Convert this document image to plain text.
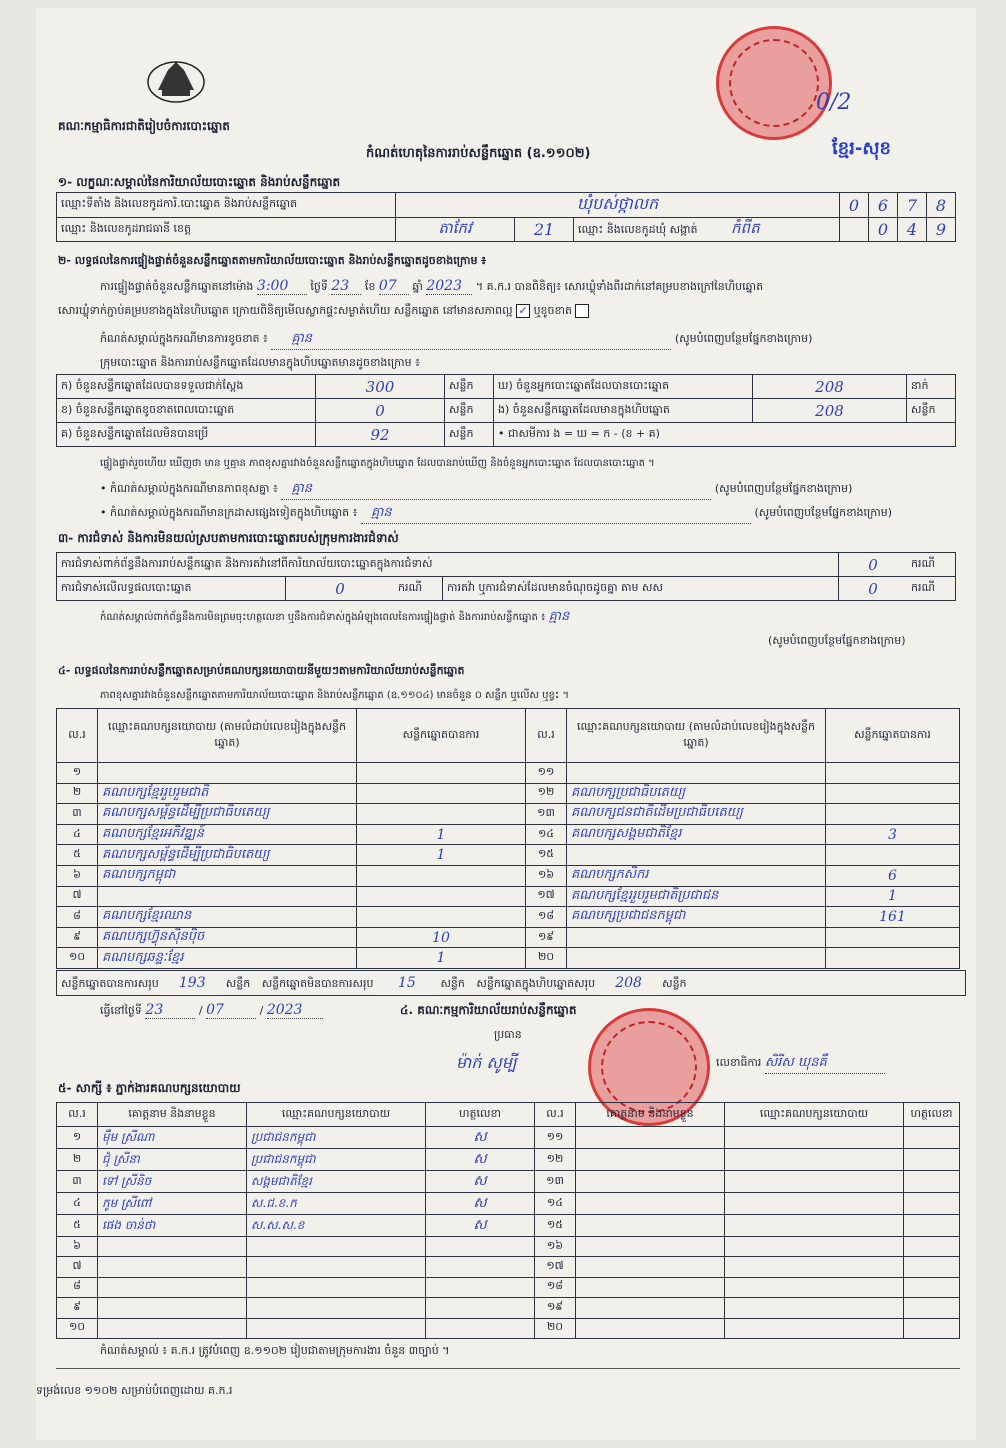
គណៈកម្មាធិការជាតិរៀបចំការបោះឆ្នោត
កំណត់ហេតុនៃការរាប់សន្លឹកឆ្នោត (ឧ.១១០២)
0/2
ខ្មែរ-សុខ
១- លក្ខណៈសម្គាល់នៃការិយាល័យបោះឆ្នោត និងរាប់សន្លឹកឆ្នោត
ឈ្មោះទីតាំង និងលេខកូដការិ.បោះឆ្នោត និងរាប់សន្លឹកឆ្នោត	ឃុំបស់ថ្កាលក			0	6	7	8
ឈ្មោះ និងលេខកូដរាជធានី ខេត្ត	តាកែវ	21	ឈ្មោះ និងលេខកូដឃុំ សង្កាត់ កំពីត		0	4	9
២- លទ្ធផលនៃការផ្ទៀងផ្ទាត់ចំនួនសន្លឹកឆ្នោតតាមការិយាល័យបោះឆ្នោត និងរាប់សន្លឹកឆ្នោតដូចខាងក្រោម ៖
ការផ្ទៀងផ្ទាត់ចំនួនសន្លឹកឆ្នោតនៅម៉ោង 3:00 ថ្ងៃទី 23 ខែ 07 ឆ្នាំ 2023 ។ គ.ក.រ បានពិនិត្យ៖ សោរឃ្លុំទាំងពីរដាក់នៅគម្របខាងក្រៅនៃហិបឆ្នោត
សោរឃ្លុំទាក់ភ្ជាប់គម្របខាងក្នុងនៃហិបឆ្នោត ក្រោយពិនិត្យមើលស្លាកផ្ទះសម្ងាត់ហើយ សន្លឹកឆ្នោត នៅមានសភាពល្អ ✓ ឬខូចខាត
កំណត់សម្គាល់ក្នុងករណីមានការខូចខាត ៖ គ្មាន	(សូមបំពេញបន្ថែមផ្នែកខាងក្រោម)
ក្រុមបោះឆ្នោត និងការរាប់សន្លឹកឆ្នោតដែលមានក្នុងហិបឆ្នោតមានដូចខាងក្រោម ៖
ក) ចំនួនសន្លឹកឆ្នោតដែលបានទទួលជាក់ស្តែង	300	សន្លឹក	ឃ) ចំនួនអ្នកបោះឆ្នោតដែលបានបោះឆ្នោត	208	នាក់
ខ) ចំនួនសន្លឹកឆ្នោតខូចខាតពេលបោះឆ្នោត	0	សន្លឹក	ង) ចំនួនសន្លឹកឆ្នោតដែលមានក្នុងហិបឆ្នោត	208	សន្លឹក
គ) ចំនួនសន្លឹកឆ្នោតដែលមិនបានប្រើ	92	សន្លឹក	• ជាសមីការ ង = ឃ = ក - (ខ + គ)		
ផ្ទៀងផ្ទាត់រួចហើយ ឃើញថា មាន ឬគ្មាន ភាពខុសគ្នារវាងចំនួនសន្លឹកឆ្នោតក្នុងហិបឆ្នោត ដែលបានរាប់ឃើញ និងចំនួនអ្នកបោះឆ្នោត ដែលបានបោះឆ្នោត ។
• កំណត់សម្គាល់ក្នុងករណីមានភាពខុសគ្នា ៖ គ្មាន	(សូមបំពេញបន្ថែមផ្នែកខាងក្រោម)
• កំណត់សម្គាល់ក្នុងករណីមានក្រដាសផ្សេងទៀតក្នុងហិបឆ្នោត ៖ គ្មាន	(សូមបំពេញបន្ថែមផ្នែកខាងក្រោម)
៣- ការជំទាស់ និងការមិនយល់ស្របតាមការបោះឆ្នោតរបស់ក្រុមការងារជំទាស់
ការជំទាស់ពាក់ព័ន្ធនឹងការរាប់សន្លឹកឆ្នោត និងការតវ៉ានៅពីការិយាល័យបោះឆ្នោតក្នុងការជំទាស់				0	ករណី
ការជំទាស់លើលទ្ធផលបោះឆ្នោត	0	ករណី	ការតវ៉ា ឬការជំទាស់ដែលមានចំណុចដូចគ្នា តាម សស	0	ករណី
កំណត់សម្គាល់ពាក់ព័ន្ធនឹងការមិនព្រមចុះហត្ថលេខា ឬនឹងការជំទាស់ក្នុងអំឡុងពេលនៃការផ្ទៀងផ្ទាត់ និងការរាប់សន្លឹកឆ្នោត ៖ គ្មាន
(សូមបំពេញបន្ថែមផ្នែកខាងក្រោម)
៤- លទ្ធផលនៃការរាប់សន្លឹកឆ្នោតសម្រាប់គណបក្សនយោបាយនីមួយៗតាមការិយាល័យរាប់សន្លឹកឆ្នោត
ភាពខុសគ្នារវាងចំនួនសន្លឹកឆ្នោតតាមការិយាល័យបោះឆ្នោត និងរាប់សន្លឹកឆ្នោត (ឧ.១១០៤) មានចំនួន ០ សន្លឹក ឬលើស ឬខ្វះ ។
ល.រ	ឈ្មោះគណបក្សនយោបាយ (តាមលំដាប់លេខរៀងក្នុងសន្លឹកឆ្នោត)	សន្លឹកឆ្នោតបានការ	ល.រ	ឈ្មោះគណបក្សនយោបាយ (តាមលំដាប់លេខរៀងក្នុងសន្លឹកឆ្នោត)	សន្លឹកឆ្នោតបានការ
១			១១		
២	គណបក្សខ្មែររួបរួមជាតិ		១២	គណបក្សប្រជាធិបតេយ្យ	
៣	គណបក្សសម្ព័ន្ធដើម្បីប្រជាធិបតេយ្យ		១៣	គណបក្សជនជាតិដើមប្រជាធិបតេយ្យ	
៤	គណបក្សខ្មែរអភិវឌ្ឍន៍	1	១៤	គណបក្សសង្គមជាតិខ្មែរ	3
៥	គណបក្សសម្ព័ន្ធដើម្បីប្រជាធិបតេយ្យ	1	១៥		
៦	គណបក្សកម្ពុជា		១៦	គណបក្សកសិករ	6
៧			១៧	គណបក្សខ្មែររួបរួមជាតិប្រជាជន	1
៨	គណបក្សខ្មែរឈាន		១៨	គណបក្សប្រជាជនកម្ពុជា	161
៩	គណបក្សហ៊្វុនស៊ិនប៉ិច	10	១៩		
១០	គណបក្សឆន្ទៈខ្មែរ	1	២០		
សន្លឹកឆ្នោតបានការសរុប 193 សន្លឹក សន្លឹកឆ្នោតមិនបានការសរុប 15 សន្លឹក សន្លឹកឆ្នោតក្នុងហិបឆ្នោតសរុប 208 សន្លឹក
ធ្វើនៅថ្ងៃទី 23	/ 07	/ 2023	៤. គណៈកម្មការិយាល័យរាប់សន្លឹកឆ្នោត
ប្រធាន
ម៉ាក់ សូម្បី	លេខាធិការ សិរីស ឃុនគឹ
៥- សាក្សី ៖ ភ្នាក់ងារគណបក្សនយោបាយ
ល.រ	គោត្តនាម និងនាមខ្លួន	ឈ្មោះគណបក្សនយោបាយ	ហត្ថលេខា	ល.រ	គោត្តនាម និងនាមខ្លួន	ឈ្មោះគណបក្សនយោបាយ	ហត្ថលេខា
១	ម៉ឹម ស្រីណា	ប្រជាជនកម្ពុជា	ស	១១			
២	ជុំ ស្រីនា	ប្រជាជនកម្ពុជា	ស	១២			
៣	ទៅ ស្រីនិច	សង្គមជាតិខ្មែរ	ស	១៣			
៤	កូម ស្រីពៅ	ស.ជ.ខ.ក	ស	១៤			
៥	ផេង ចាន់ថា	ស.ស.ស.ខ	ស	១៥			
៦				១៦			
៧				១៧			
៨				១៨			
៩				១៩			
១០				២០			
កំណត់សម្គាល់ ៖ គ.ក.រ ត្រូវបំពេញ ឧ.១១០២ រៀបជាតាមក្រុមការងារ ចំនួន ៣ច្បាប់ ។
ទម្រង់លេខ ១១០២ សម្រាប់បំពេញដោយ គ.ក.រ
